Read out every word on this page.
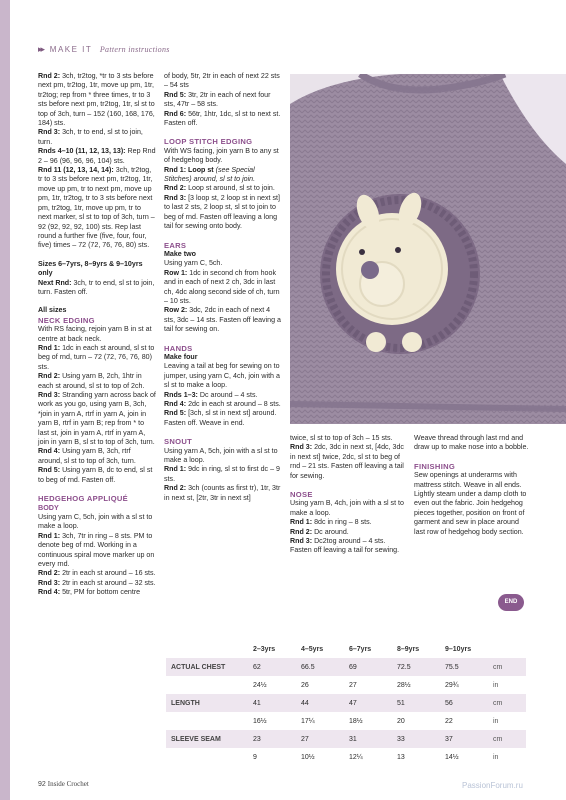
▸▸ MAKE IT Pattern instructions

Rnd 2: 3ch, tr2tog, *tr to 3 sts before next pm, tr2tog, 1tr, move up pm, 1tr, tr2tog; rep from * three times, tr to 3 sts before next pm, tr2tog, 1tr, sl st to top of 3ch, turn – 152 (160, 168, 176, 184) sts.

Rnd 3: 3ch, tr to end, sl st to join, turn.

Rnds 4–10 (11, 12, 13, 13): Rep Rnd 2 – 96 (96, 96, 96, 104) sts.

Rnd 11 (12, 13, 14, 14): 3ch, tr2tog, tr to 3 sts before next pm, tr2tog, 1tr, move up pm, tr to next pm, move up pm, 1tr, tr2tog, tr to 3 sts before next pm, tr2tog, 1tr, move up pm, tr to next marker, sl st to top of 3ch, turn – 92 (92, 92, 92, 100) sts. Rep last round a further five (five, four, four, five) times – 72 (72, 76, 76, 80) sts.

Sizes 6–7yrs, 8–9yrs & 9–10yrs only

Next Rnd: 3ch, tr to end, sl st to join, turn. Fasten off.

All sizes

NECK EDGING

With RS facing, rejoin yarn B in st at centre at back neck.

Rnd 1: 1dc in each st around, sl st to beg of rnd, turn – 72 (72, 76, 76, 80) sts.

Rnd 2: Using yarn B, 2ch, 1htr in each st around, sl st to top of 2ch.

Rnd 3: Stranding yarn across back of work as you go, using yarn B, 3ch, *join in yarn A, rtrf in yarn A, join in yarn B, rtrf in yarn B; rep from * to last st, join in yarn A, rtrf in yarn A, join in yarn B, sl st to top of 3ch, turn.

Rnd 4: Using yarn B, 3ch, rtrf around, sl st to top of 3ch, turn.

Rnd 5: Using yarn B, dc to end, sl st to beg of rnd. Fasten off.

HEDGEHOG APPLIQUÉ

BODY

Using yarn C, 5ch, join with a sl st to make a loop.

Rnd 1: 3ch, 7tr in ring – 8 sts. PM to denote beg of rnd. Working in a continuous spiral move marker up on every rnd.

Rnd 2: 2tr in each st around – 16 sts.

Rnd 3: 2tr in each st around – 32 sts.

Rnd 4: 5tr, PM for bottom centre

of body, 5tr, 2tr in each of next 22 sts – 54 sts

Rnd 5: 3tr, 2tr in each of next four sts, 47tr – 58 sts.

Rnd 6: 56tr, 1htr, 1dc, sl st to next st. Fasten off.

LOOP STITCH EDGING

With WS facing, join yarn B to any st of hedgehog body.

Rnd 1: Loop st (see Special Stitches) around, sl st to join.

Rnd 2: Loop st around, sl st to join.

Rnd 3: [3 loop st, 2 loop st in next st] to last 2 sts, 2 loop st, sl st to join to beg of rnd. Fasten off leaving a long tail for sewing onto body.

EARS

Make two

Using yarn C, 5ch.

Row 1: 1dc in second ch from hook and in each of next 2 ch, 3dc in last ch, 4dc along second side of ch, turn – 10 sts.

Row 2: 3dc, 2dc in each of next 4 sts, 3dc – 14 sts. Fasten off leaving a tail for sewing on.

HANDS

Make four

Leaving a tail at beg for sewing on to jumper, using yarn C, 4ch, join with a sl st to make a loop.

Rnds 1–3: Dc around – 4 sts.

Rnd 4: 2dc in each st around – 8 sts.

Rnd 5: [3ch, sl st in next st] around. Fasten off. Weave in end.

SNOUT

Using yarn A, 5ch, join with a sl st to make a loop.

Rnd 1: 9dc in ring, sl st to first dc – 9 sts.

Rnd 2: 3ch (counts as first tr), 1tr, 3tr in next st, [2tr, 3tr in next st]

twice, sl st to top of 3ch – 15 sts.

Rnd 3: 2dc, 3dc in next st, [4dc, 3dc in next st] twice, 2dc, sl st to beg of rnd – 21 sts. Fasten off leaving a tail for sewing.

NOSE

Using yarn B, 4ch, join with a sl st to make a loop.

Rnd 1: 8dc in ring – 8 sts.

Rnd 2: Dc around.

Rnd 3: Dc2tog around – 4 sts. Fasten off leaving a tail for sewing.

Weave thread through last rnd and draw up to make nose into a bobble.

FINISHING

Sew openings at underarms with mattress stitch. Weave in all ends. Lightly steam under a damp cloth to even out the fabric. Join hedgehog pieces together, position on front of garment and sew in place around last row of hedgehog body section.

END
	2–3yrs	4–5yrs	6–7yrs	8–9yrs	9–10yrs	
ACTUAL CHEST	62	66.5	69	72.5	75.5	cm
	24½	26	27	28½	29¾	in
LENGTH	41	44	47	51	56	cm
	16½	17¼	18½	20	22	in
SLEEVE SEAM	23	27	31	33	37	cm
	9	10½	12¼	13	14½	in
92 Inside Crochet	PassionForum.ru
